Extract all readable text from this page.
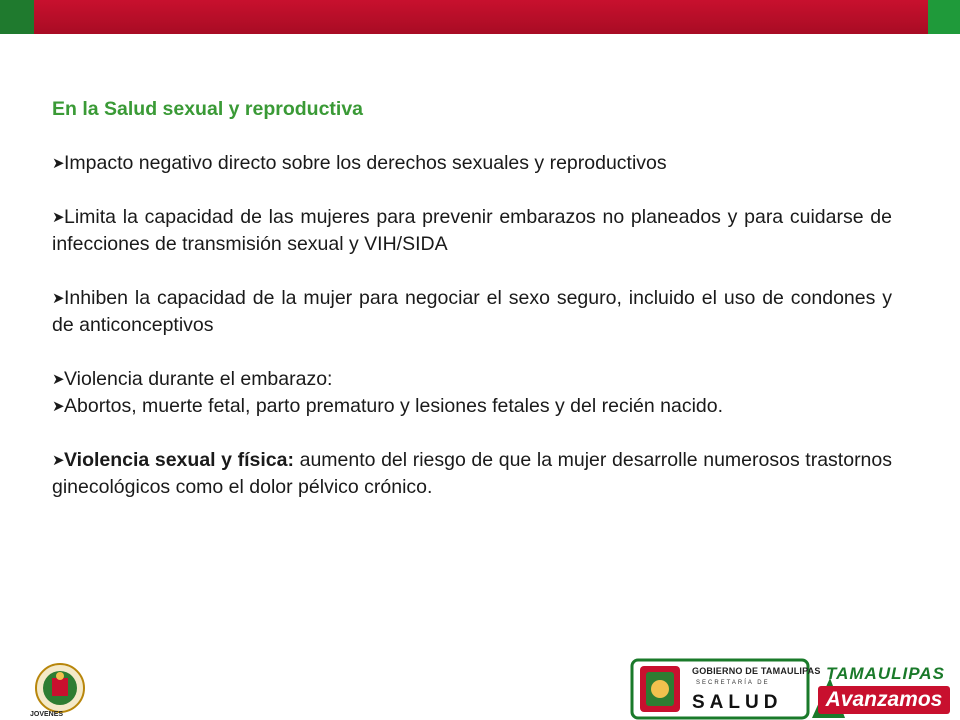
En la Salud sexual y reproductiva

➤Impacto negativo directo sobre los derechos sexuales y reproductivos

➤Limita la capacidad de las mujeres para prevenir embarazos no planeados y para cuidarse de infecciones de transmisión sexual y VIH/SIDA

➤Inhiben la capacidad de la mujer para negociar el sexo seguro, incluido el uso de condones y de anticonceptivos

➤Violencia durante el embarazo:

➤Abortos, muerte fetal, parto prematuro y lesiones fetales y del recién nacido.

➤Violencia sexual y física: aumento del riesgo de que la mujer desarrolle numerosos trastornos ginecológicos como el dolor pélvico crónico.

JOVENES
GOBIERNO DE TAMAULIPAS
SECRETARÍA DE
SALUD
TAMAULIPAS
Avanzamos
